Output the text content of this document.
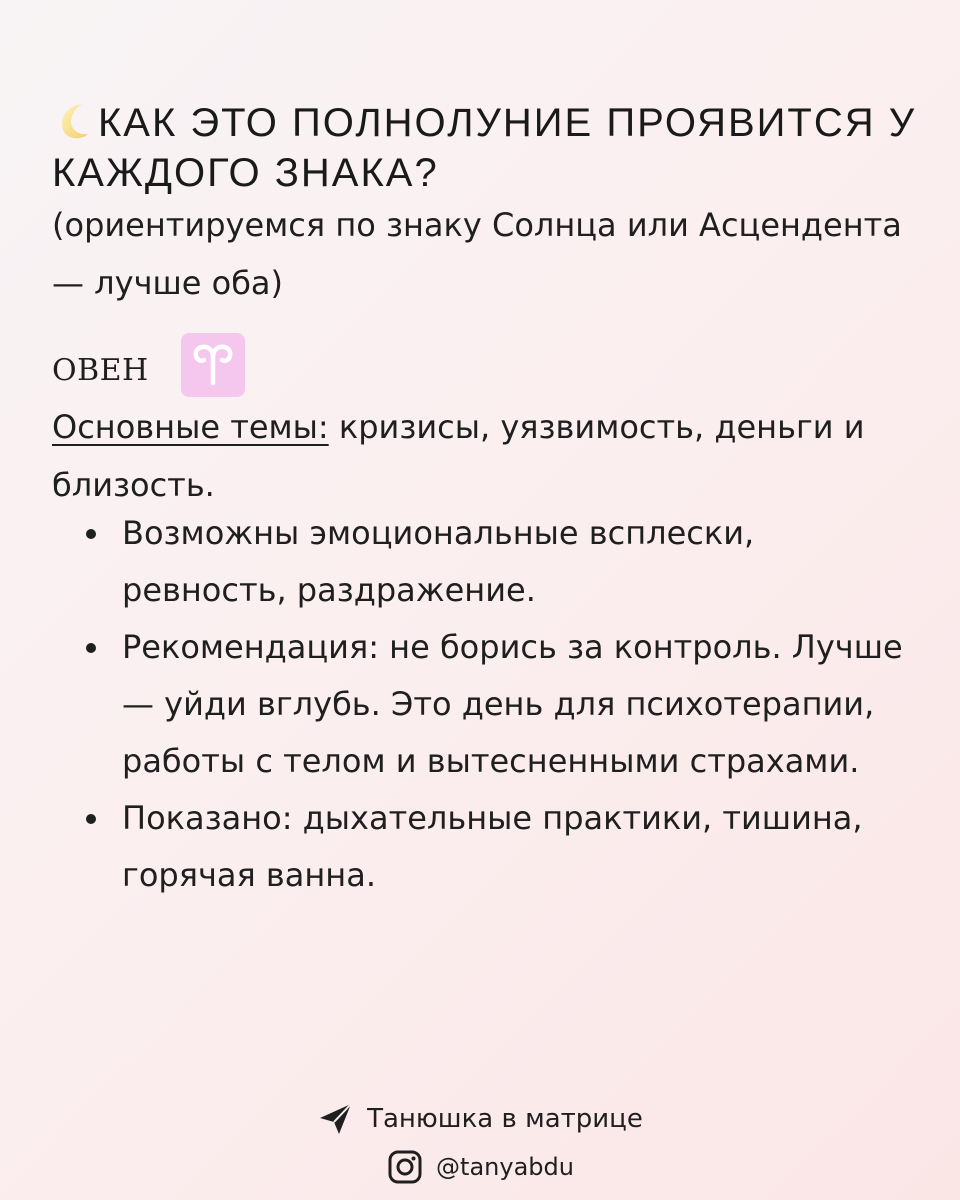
КАК ЭТО ПОЛНОЛУНИЕ ПРОЯВИТСЯ У КАЖДОГО ЗНАКА?
(ориентируемся по знаку Солнца или Асцендента — лучше оба)
ОВЕН
Основные темы: кризисы, уязвимость, деньги и близость.
Возможны эмоциональные всплески, ревность, раздражение.
Рекомендация: не борись за контроль. Лучше — уйди вглубь. Это день для психотерапии, работы с телом и вытесненными страхами.
Показано: дыхательные практики, тишина, горячая ванна.
Танюшка в матрице
@tanyabdu
